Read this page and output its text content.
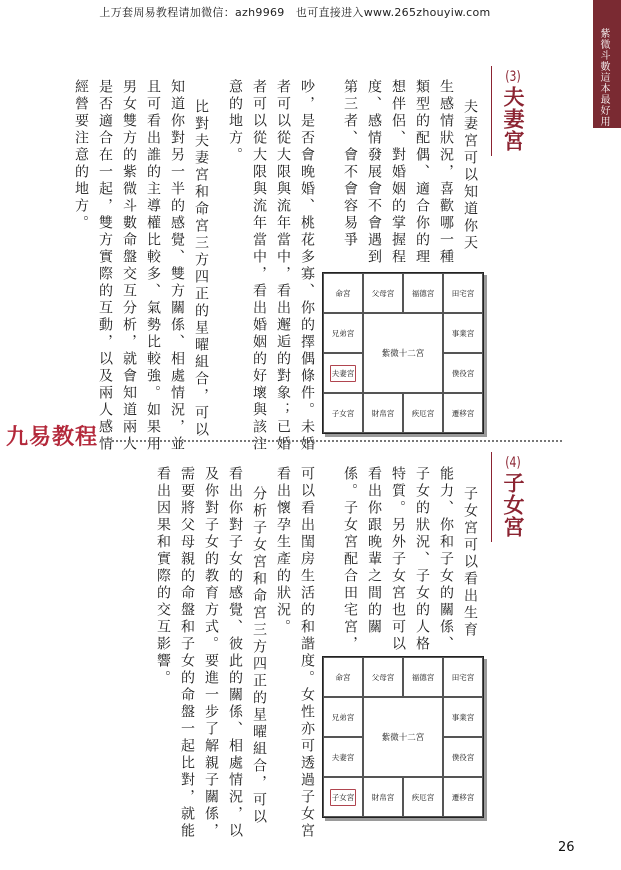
上万套周易教程请加微信：azh9969　也可直接进入www.265zhouyiw.com
紫微斗數這本最好用
(3)夫妻宮
夫妻宮可以知道你天
生感情狀況，喜歡哪一種
類型的配偶、適合你的理
想伴侶、對婚姻的掌握程
度、感情發展會不會遇到
第三者、會不會容易爭
吵，是否會晚婚、桃花多寡、你的擇偶條件。未婚
者可以從大限與流年當中，看出邂逅的對象；已婚
者可以從大限與流年當中，看出婚姻的好壞與該注
意的地方。
比對夫妻宮和命宮三方四正的星曜組合，可以
知道你對另一半的感覺、雙方關係、相處情況，並
且可看出誰的主導權比較多、氣勢比較強。如果用
男女雙方的紫微斗數命盤交互分析，就會知道兩人
是否適合在一起，雙方實際的互動，以及兩人感情
經營要注意的地方。
命宮	父母宮 福德宮 田宅宮
兄弟宮	事業宮
夫妻宮	僕役宮
子女宮 財帛宮 疾厄宮 遷移宮
紫微十二宮
九易教程
(4)子女宮
子女宮可以看出生育
能力、你和子女的關係、
子女的狀況、子女的人格
特質。另外子女宮也可以
看出你跟晚輩之間的關
係。子女宮配合田宅宮，
可以看出閨房生活的和諧度。女性亦可透過子女宮
看出懷孕生產的狀況。
分析子女宮和命宮三方四正的星曜組合，可以
看出你對子女的感覺、彼此的關係、相處情況，以
及你對子女的教育方式。要進一步了解親子關係，
需要將父母親的命盤和子女的命盤一起比對，就能
看出因果和實際的交互影響。	命宮	父母宮 福德宮 田宅宮
兄弟宮	事業宮
夫妻宮	僕役宮
子女宮 財帛宮 疾厄宮 遷移宮
紫微十二宮
26
